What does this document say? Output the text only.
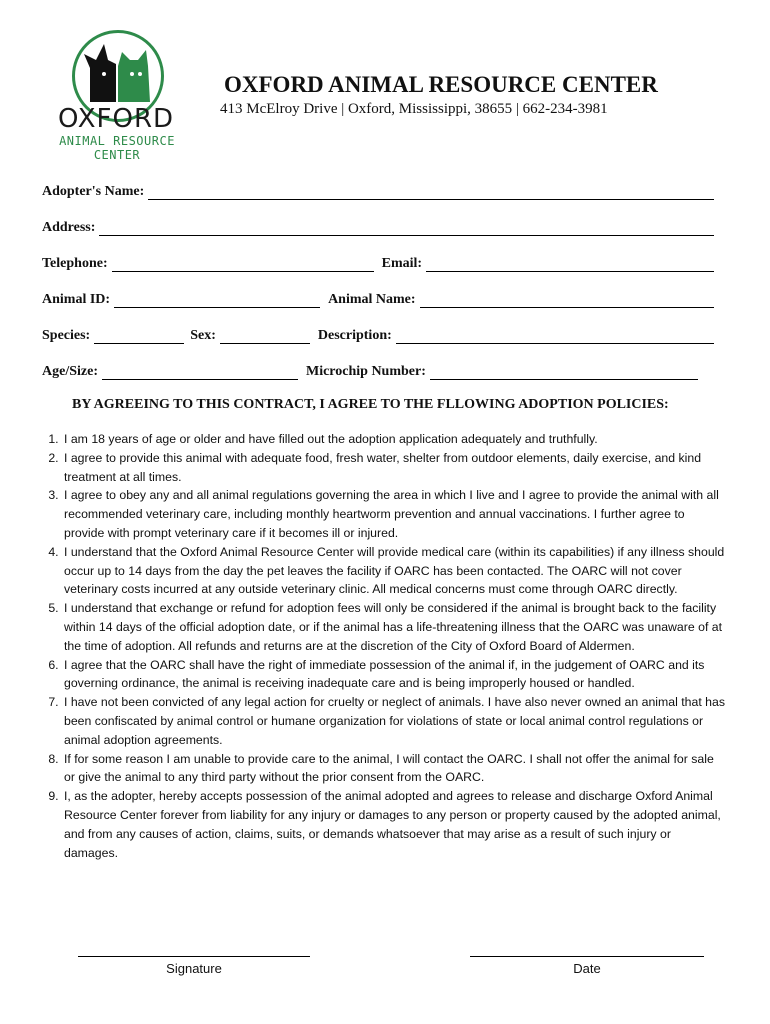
OXFORD
ANIMAL RESOURCE CENTER
OXFORD ANIMAL RESOURCE CENTER
413 McElroy Drive | Oxford, Mississippi, 38655 | 662-234-3981
Adopter's Name:
Address:
Telephone:	Email:
Animal ID:	Animal Name:
Species:	Sex:	Description:
Age/Size:	Microchip Number:
BY AGREEING TO THIS CONTRACT, I AGREE TO THE FLLOWING ADOPTION POLICIES:
1. I am 18 years of age or older and have filled out the adoption application adequately and truthfully.
2. I agree to provide this animal with adequate food, fresh water, shelter from outdoor elements, daily exercise, and kind treatment at all times.
3. I agree to obey any and all animal regulations governing the area in which I live and I agree to provide the animal with all recommended veterinary care, including monthly heartworm prevention and annual vaccinations. I further agree to provide with prompt veterinary care if it becomes ill or injured.
4. I understand that the Oxford Animal Resource Center will provide medical care (within its capabilities) if any illness should occur up to 14 days from the day the pet leaves the facility if OARC has been contacted. The OARC will not cover veterinary costs incurred at any outside veterinary clinic. All medical concerns must come through OARC directly.
5. I understand that exchange or refund for adoption fees will only be considered if the animal is brought back to the facility within 14 days of the official adoption date, or if the animal has a life-threatening illness that the OARC was unaware of at the time of adoption. All refunds and returns are at the discretion of the City of Oxford Board of Aldermen.
6. I agree that the OARC shall have the right of immediate possession of the animal if, in the judgement of OARC and its governing ordinance, the animal is receiving inadequate care and is being improperly housed or handled.
7. I have not been convicted of any legal action for cruelty or neglect of animals. I have also never owned an animal that has been confiscated by animal control or humane organization for violations of state or local animal control regulations or animal adoption agreements.
8. If for some reason I am unable to provide care to the animal, I will contact the OARC. I shall not offer the animal for sale or give the animal to any third party without the prior consent from the OARC.
9. I, as the adopter, hereby accepts possession of the animal adopted and agrees to release and discharge Oxford Animal Resource Center forever from liability for any injury or damages to any person or property caused by the adopted animal, and from any causes of action, claims, suits, or demands whatsoever that may arise as a result of such injury or damages.
Signature	Date
